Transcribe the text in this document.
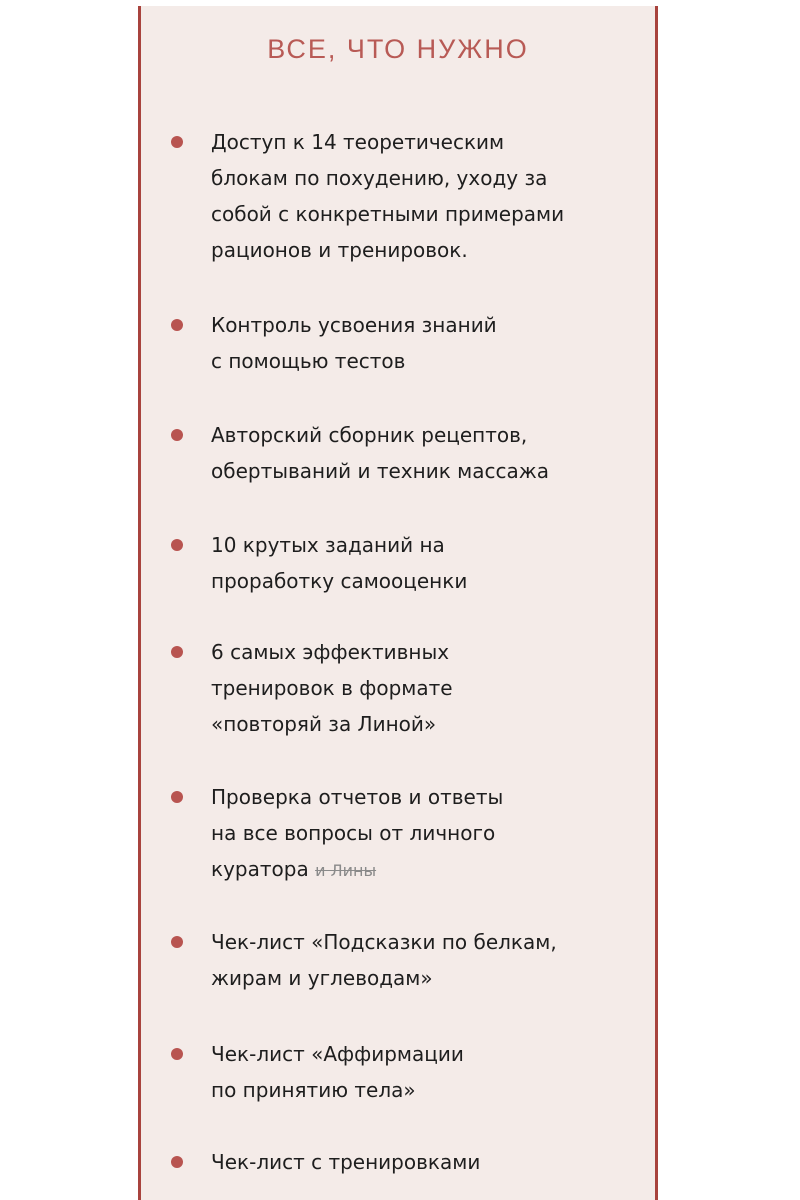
ВСЕ, ЧТО НУЖНО
Доступ к 14 теоретическим
блокам по похудению, уходу за
собой с конкретными примерами
рационов и тренировок.
Контроль усвоения знаний
с помощью тестов
Авторский сборник рецептов,
обертываний и техник массажа
10 крутых заданий на
проработку самооценки
6 самых эффективных
тренировок в формате
«повторяй за Линой»
Проверка отчетов и ответы
на все вопросы от личного
куратора и Лины
Чек-лист «Подсказки по белкам,
жирам и углеводам»
Чек-лист «Аффирмации
по принятию тела»
Чек-лист с тренировками
